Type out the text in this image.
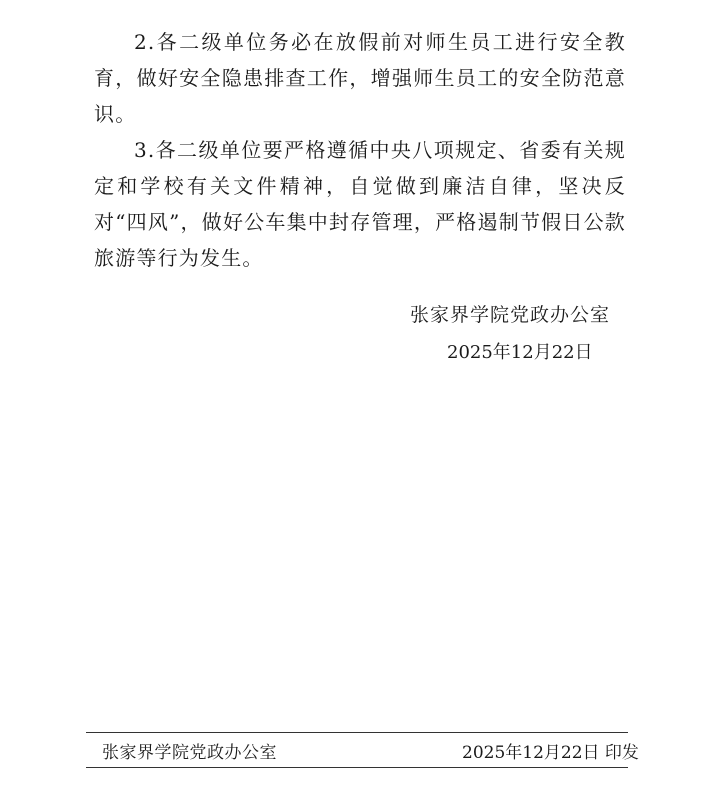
2.各二级单位务必在放假前对师生员工进行安全教育，做好安全隐患排查工作，增强师生员工的安全防范意识。

3.各二级单位要严格遵循中央八项规定、省委有关规定和学校有关文件精神，自觉做到廉洁自律，坚决反对“四风”，做好公车集中封存管理，严格遏制节假日公款旅游等行为发生。

张家界学院党政办公室
2025年12月22日
张家界学院党政办公室	2025年12月22日 印发
